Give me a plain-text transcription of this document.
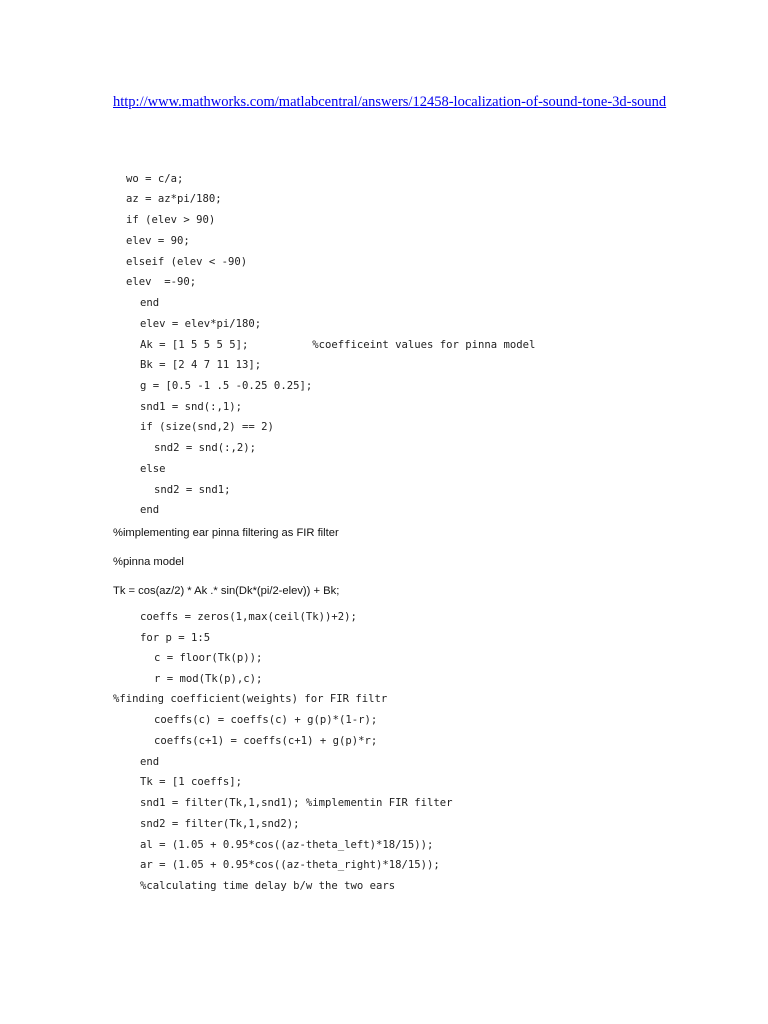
http://www.mathworks.com/matlabcentral/answers/12458-localization-of-sound-tone-3d-sound
wo = c/a;
az = az*pi/180;
if (elev > 90)
elev = 90;
elseif (elev < -90)
elev  =-90;
end
elev = elev*pi/180;
Ak = [1 5 5 5 5];          %coefficeint values for pinna model
Bk = [2 4 7 11 13];
g = [0.5 -1 .5 -0.25 0.25];
snd1 = snd(:,1);
if (size(snd,2) == 2)
snd2 = snd(:,2);
else
snd2 = snd1;
end
%implementing ear pinna filtering as FIR filter
%pinna model
Tk = cos(az/2) * Ak .* sin(Dk*(pi/2-elev)) + Bk;
coeffs = zeros(1,max(ceil(Tk))+2);
for p = 1:5
c = floor(Tk(p));
r = mod(Tk(p),c);
%finding coefficient(weights) for FIR filtr
coeffs(c) = coeffs(c) + g(p)*(1-r);
coeffs(c+1) = coeffs(c+1) + g(p)*r;
end
Tk = [1 coeffs];
snd1 = filter(Tk,1,snd1); %implementin FIR filter
snd2 = filter(Tk,1,snd2);
al = (1.05 + 0.95*cos((az-theta_left)*18/15));
ar = (1.05 + 0.95*cos((az-theta_right)*18/15));
%calculating time delay b/w the two ears
